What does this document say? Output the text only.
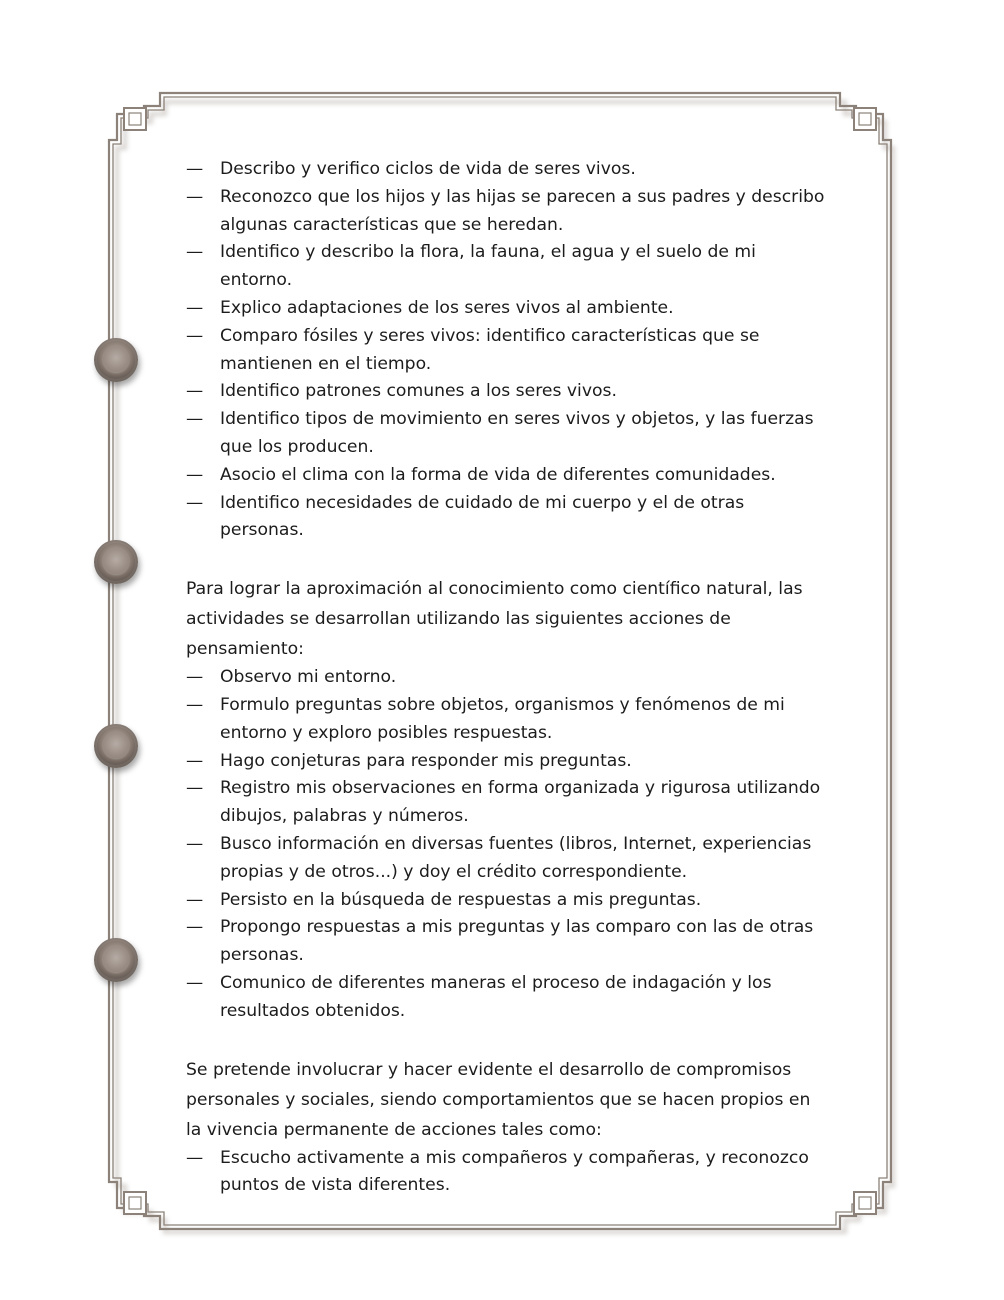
— Describo y verifico ciclos de vida de seres vivos.
— Reconozco que los hijos y las hijas se parecen a sus padres y describo algunas características que se heredan.
— Identifico y describo la flora, la fauna, el agua y el suelo de mi entorno.
— Explico adaptaciones de los seres vivos al ambiente.
— Comparo fósiles y seres vivos: identifico características que se mantienen en el tiempo.
— Identifico patrones comunes a los seres vivos.
— Identifico tipos de movimiento en seres vivos y objetos, y las fuerzas que los producen.
— Asocio el clima con la forma de vida de diferentes comunidades.
— Identifico necesidades de cuidado de mi cuerpo y el de otras personas.

Para lograr la aproximación al conocimiento como científico natural, las actividades se desarrollan utilizando las siguientes acciones de pensamiento:

— Observo mi entorno.
— Formulo preguntas sobre objetos, organismos y fenómenos de mi entorno y exploro posibles respuestas.
— Hago conjeturas para responder mis preguntas.
— Registro mis observaciones en forma organizada y rigurosa utilizando dibujos, palabras y números.
— Busco información en diversas fuentes (libros, Internet, experiencias propias y de otros...) y doy el crédito correspondiente.
— Persisto en la búsqueda de respuestas a mis preguntas.
— Propongo respuestas a mis preguntas y las comparo con las de otras personas.
— Comunico de diferentes maneras el proceso de indagación y los resultados obtenidos.

Se pretende involucrar y hacer evidente el desarrollo de compromisos personales y sociales, siendo comportamientos que se hacen propios en la vivencia permanente de acciones tales como:

— Escucho activamente a mis compañeros y compañeras, y reconozco puntos de vista diferentes.
